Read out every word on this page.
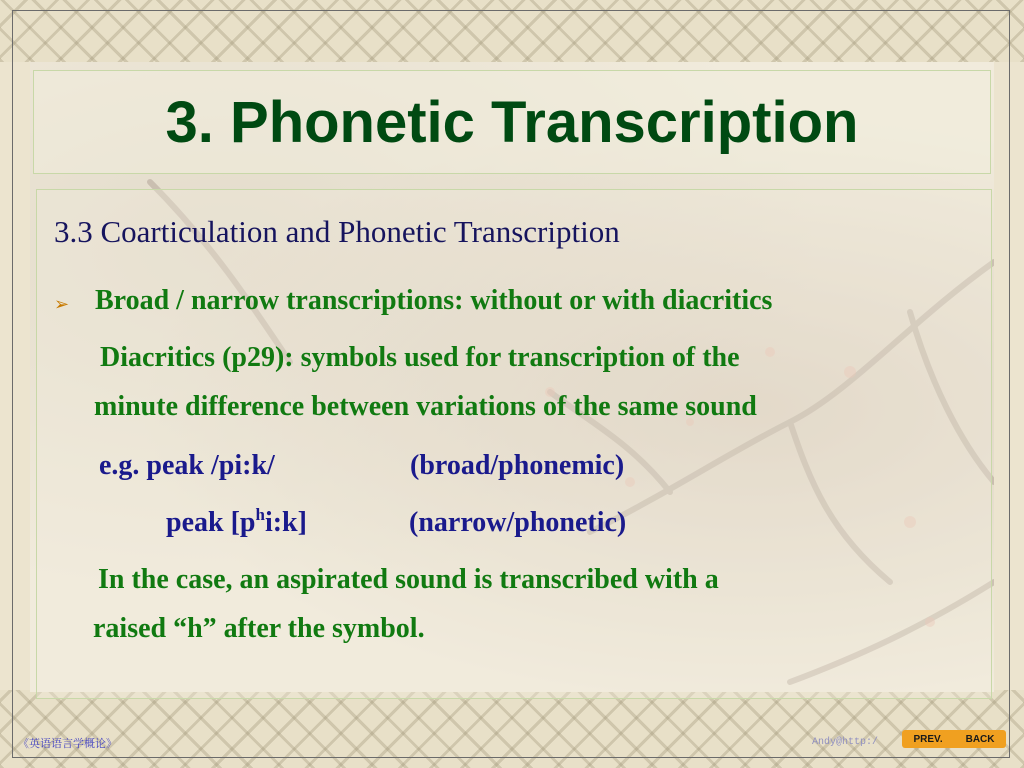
3. Phonetic Transcription
3.3 Coarticulation and Phonetic Transcription
➢ Broad / narrow transcriptions: without or with diacritics
Diacritics (p29): symbols used for transcription of the
minute difference between variations of the same sound
e.g. peak /pi:k/	(broad/phonemic)
peak $[p^hi:k]$	(narrow/phonetic)
In the case, an aspirated sound is transcribed with a
raised “h” after the symbol.
《英语语言学概论》	Andy@http:/	PREV. BACK
